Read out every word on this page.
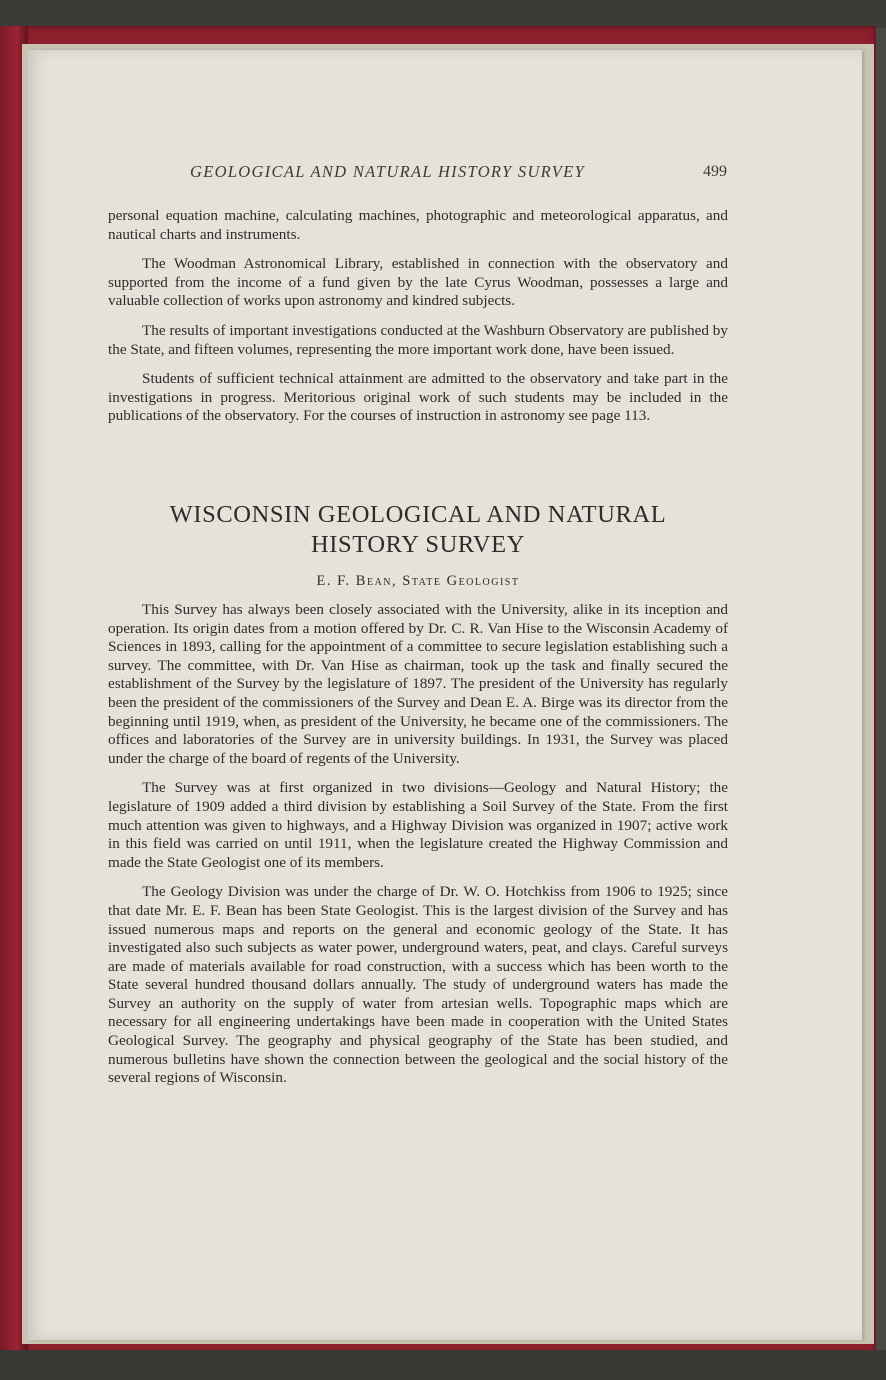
GEOLOGICAL AND NATURAL HISTORY SURVEY	499

personal equation machine, calculating machines, photographic and meteorological apparatus, and nautical charts and instruments.

The Woodman Astronomical Library, established in connection with the observatory and supported from the income of a fund given by the late Cyrus Woodman, possesses a large and valuable collection of works upon astronomy and kindred subjects.

The results of important investigations conducted at the Washburn Observatory are published by the State, and fifteen volumes, representing the more important work done, have been issued.

Students of sufficient technical attainment are admitted to the observatory and take part in the investigations in progress. Meritorious original work of such students may be included in the publications of the observatory. For the courses of instruction in astronomy see page 113.

WISCONSIN GEOLOGICAL AND NATURAL
HISTORY SURVEY
E. F. Bean, State Geologist

This Survey has always been closely associated with the University, alike in its inception and operation. Its origin dates from a motion offered by Dr. C. R. Van Hise to the Wisconsin Academy of Sciences in 1893, calling for the appointment of a committee to secure legislation establishing such a survey. The committee, with Dr. Van Hise as chairman, took up the task and finally secured the establishment of the Survey by the legislature of 1897. The president of the University has regularly been the president of the commissioners of the Survey and Dean E. A. Birge was its director from the beginning until 1919, when, as president of the University, he became one of the commissioners. The offices and laboratories of the Survey are in university buildings. In 1931, the Survey was placed under the charge of the board of regents of the University.

The Survey was at first organized in two divisions—Geology and Natural History; the legislature of 1909 added a third division by establishing a Soil Survey of the State. From the first much attention was given to highways, and a Highway Division was organized in 1907; active work in this field was carried on until 1911, when the legislature created the Highway Commission and made the State Geologist one of its members.

The Geology Division was under the charge of Dr. W. O. Hotchkiss from 1906 to 1925; since that date Mr. E. F. Bean has been State Geologist. This is the largest division of the Survey and has issued numerous maps and reports on the general and economic geology of the State. It has investigated also such subjects as water power, underground waters, peat, and clays. Careful surveys are made of materials available for road construction, with a success which has been worth to the State several hundred thousand dollars annually. The study of underground waters has made the Survey an authority on the supply of water from artesian wells. Topographic maps which are necessary for all engineering undertakings have been made in cooperation with the United States Geological Survey. The geography and physical geography of the State has been studied, and numerous bulletins have shown the connection between the geological and the social history of the several regions of Wisconsin.
